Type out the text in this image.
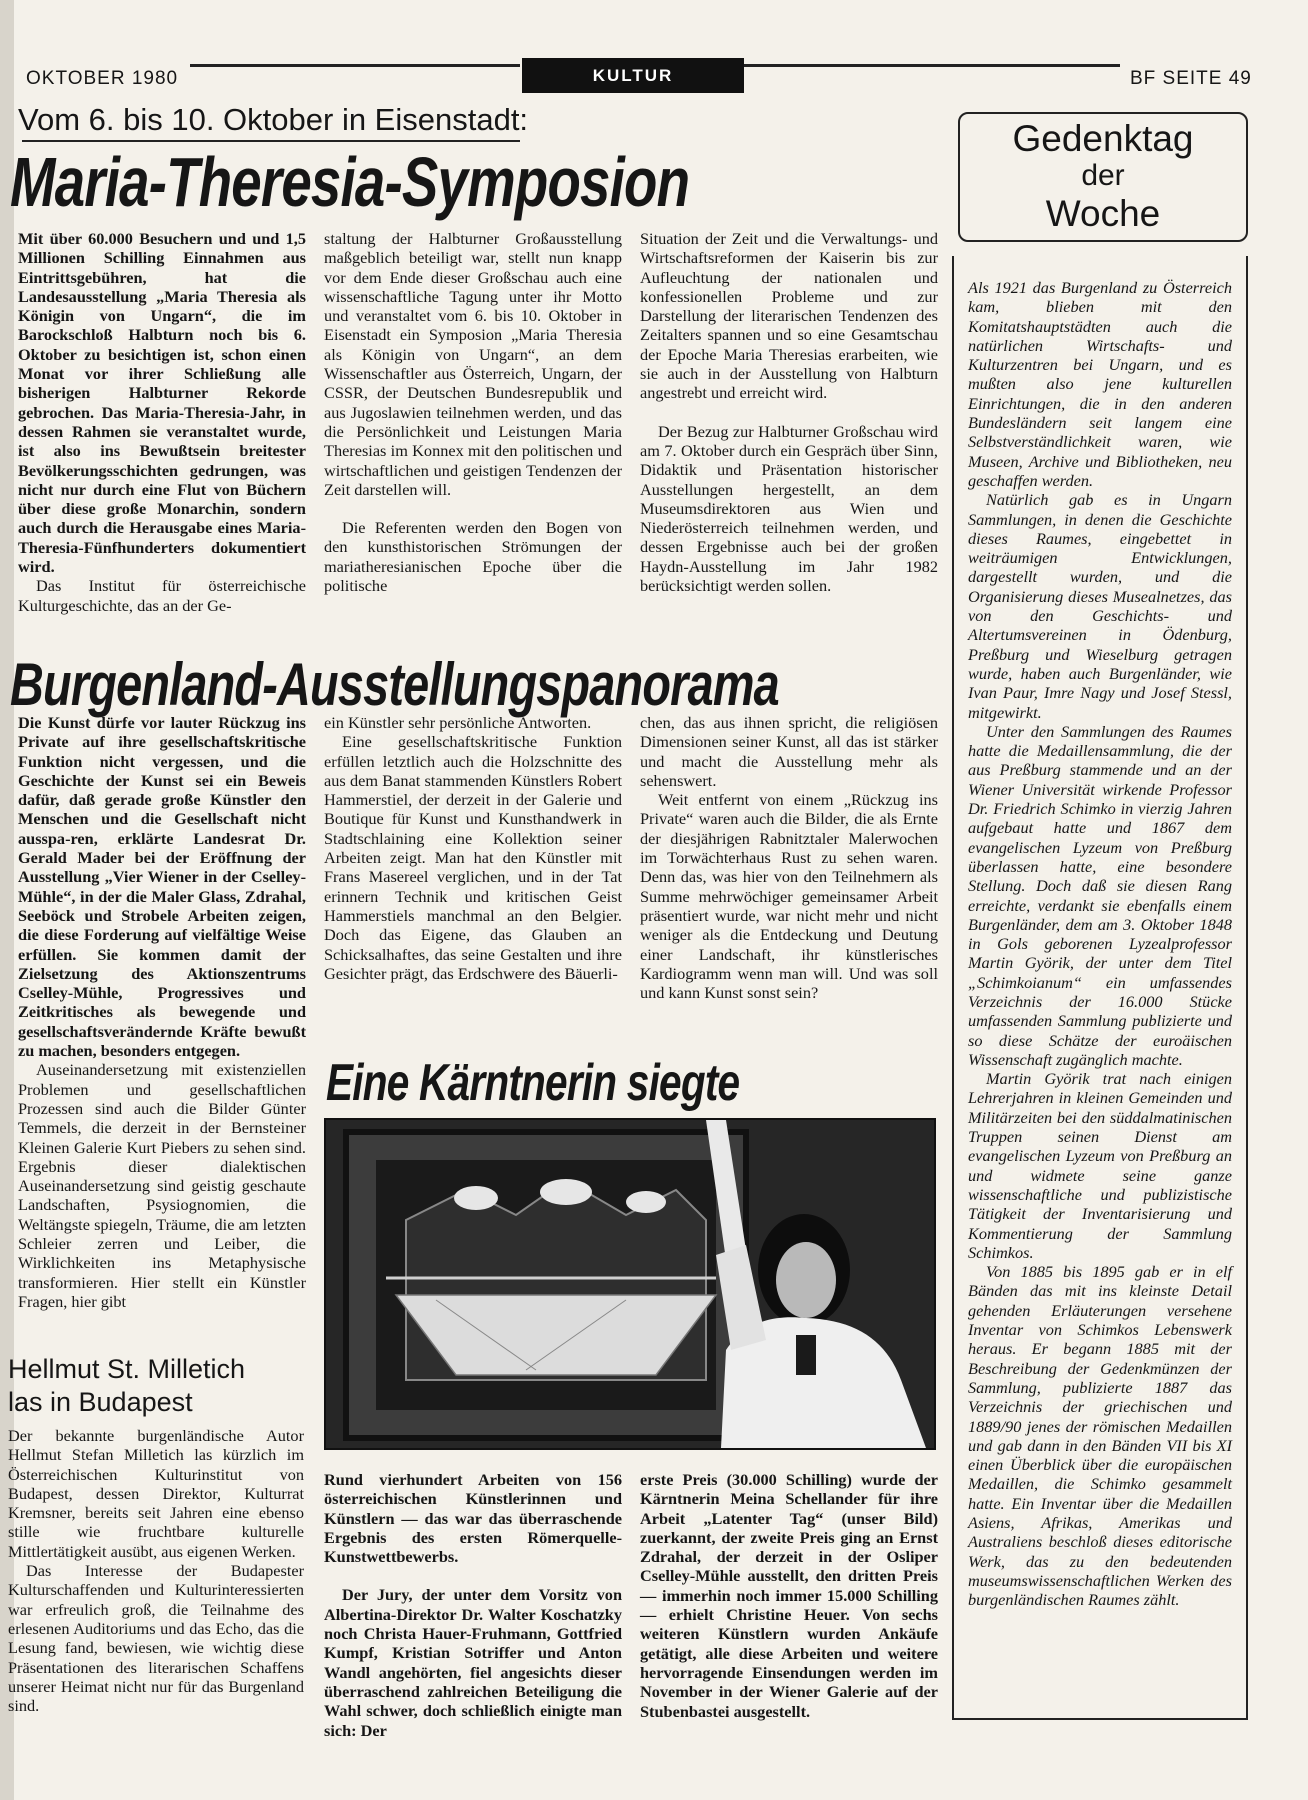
OKTOBER 1980	KULTUR	BF SEITE 49
Vom 6. bis 10. Oktober in Eisenstadt:
Maria-Theresia-Symposion

Mit über 60.000 Besuchern und und 1,5 Millionen Schilling Einnahmen aus Eintrittsgebühren, hat die Landesausstellung „Maria Theresia als Königin von Ungarn“, die im Barockschloß Halbturn noch bis 6. Oktober zu besichtigen ist, schon einen Monat vor ihrer Schließung alle bisherigen Halbturner Rekorde gebrochen. Das Maria-Theresia-Jahr, in dessen Rahmen sie veranstaltet wurde, ist also ins Bewußtsein breitester Bevölkerungsschichten gedrungen, was nicht nur durch eine Flut von Büchern über diese große Monarchin, sondern auch durch die Herausgabe eines Maria-Theresia-Fünfhunderters dokumentiert wird.

Das Institut für österreichische Kulturgeschichte, das an der Ge-

staltung der Halbturner Großausstellung maßgeblich beteiligt war, stellt nun knapp vor dem Ende dieser Großschau auch eine wissenschaftliche Tagung unter ihr Motto und veranstaltet vom 6. bis 10. Oktober in Eisenstadt ein Symposion „Maria Theresia als Königin von Ungarn“, an dem Wissenschaftler aus Österreich, Ungarn, der CSSR, der Deutschen Bundesrepublik und aus Jugoslawien teilnehmen werden, und das die Persönlichkeit und Leistungen Maria Theresias im Konnex mit den politischen und wirtschaftlichen und geistigen Tendenzen der Zeit darstellen will.

Die Referenten werden den Bogen von den kunsthistorischen Strömungen der mariatheresianischen Epoche über die politische

Situation der Zeit und die Verwaltungs- und Wirtschaftsreformen der Kaiserin bis zur Aufleuchtung der nationalen und konfessionellen Probleme und zur Darstellung der literarischen Tendenzen des Zeitalters spannen und so eine Gesamtschau der Epoche Maria Theresias erarbeiten, wie sie auch in der Ausstellung von Halbturn angestrebt und erreicht wird.

Der Bezug zur Halbturner Großschau wird am 7. Oktober durch ein Gespräch über Sinn, Didaktik und Präsentation historischer Ausstellungen hergestellt, an dem Museumsdirektoren aus Wien und Niederösterreich teilnehmen werden, und dessen Ergebnisse auch bei der großen Haydn-Ausstellung im Jahr 1982 berücksichtigt werden sollen.

Burgenland-Ausstellungspanorama

Die Kunst dürfe vor lauter Rückzug ins Private auf ihre gesellschaftskritische Funktion nicht vergessen, und die Geschichte der Kunst sei ein Beweis dafür, daß gerade große Künstler den Menschen und die Gesellschaft nicht ausspa-ren, erklärte Landesrat Dr. Gerald Mader bei der Eröffnung der Ausstellung „Vier Wiener in der Cselley-Mühle“, in der die Maler Glass, Zdrahal, Seeböck und Strobele Arbeiten zeigen, die diese Forderung auf vielfältige Weise erfüllen. Sie kommen damit der Zielsetzung des Aktionszentrums Cselley-Mühle, Progressives und Zeitkritisches als bewegende und gesellschaftsverändernde Kräfte bewußt zu machen, besonders entgegen.

Auseinandersetzung mit existenziellen Problemen und gesellschaftlichen Prozessen sind auch die Bilder Günter Temmels, die derzeit in der Bernsteiner Kleinen Galerie Kurt Piebers zu sehen sind. Ergebnis dieser dialektischen Auseinandersetzung sind geistig geschaute Landschaften, Psysiognomien, die Weltängste spiegeln, Träume, die am letzten Schleier zerren und Leiber, die Wirklichkeiten ins Metaphysische transformieren. Hier stellt ein Künstler Fragen, hier gibt

ein Künstler sehr persönliche Antworten.

Eine gesellschaftskritische Funktion erfüllen letztlich auch die Holzschnitte des aus dem Banat stammenden Künstlers Robert Hammerstiel, der derzeit in der Galerie und Boutique für Kunst und Kunsthandwerk in Stadtschlaining eine Kollektion seiner Arbeiten zeigt. Man hat den Künstler mit Frans Masereel verglichen, und in der Tat erinnern Technik und kritischen Geist Hammerstiels manchmal an den Belgier. Doch das Eigene, das Glauben an Schicksalhaftes, das seine Gestalten und ihre Gesichter prägt, das Erdschwere des Bäuerli-

chen, das aus ihnen spricht, die religiösen Dimensionen seiner Kunst, all das ist stärker und macht die Ausstellung mehr als sehenswert.

Weit entfernt von einem „Rückzug ins Private“ waren auch die Bilder, die als Ernte der diesjährigen Rabnitztaler Malerwochen im Torwächterhaus Rust zu sehen waren. Denn das, was hier von den Teilnehmern als Summe mehrwöchiger gemeinsamer Arbeit präsentiert wurde, war nicht mehr und nicht weniger als die Entdeckung und Deutung einer Landschaft, ihr künstlerisches Kardiogramm wenn man will. Und was soll und kann Kunst sonst sein?

Hellmut St. Milletich
las in Budapest

Der bekannte burgenländische Autor Hellmut Stefan Milletich las kürzlich im Österreichischen Kulturinstitut von Budapest, dessen Direktor, Kulturrat Kremsner, bereits seit Jahren eine ebenso stille wie fruchtbare kulturelle Mittlertätigkeit ausübt, aus eigenen Werken.

Das Interesse der Budapester Kulturschaffenden und Kulturinteressierten war erfreulich groß, die Teilnahme des erlesenen Auditoriums und das Echo, das die Lesung fand, bewiesen, wie wichtig diese Präsentationen des literarischen Schaffens unserer Heimat nicht nur für das Burgenland sind.

Eine Kärntnerin siegte

Rund vierhundert Arbeiten von 156 österreichischen Künstlerinnen und Künstlern — das war das überraschende Ergebnis des ersten Römerquelle-Kunstwettbewerbs.

Der Jury, der unter dem Vorsitz von Albertina-Direktor Dr. Walter Koschatzky noch Christa Hauer-Fruhmann, Gottfried Kumpf, Kristian Sotriffer und Anton Wandl angehörten, fiel angesichts dieser überraschend zahlreichen Beteiligung die Wahl schwer, doch schließlich einigte man sich: Der

erste Preis (30.000 Schilling) wurde der Kärntnerin Meina Schellander für ihre Arbeit „Latenter Tag“ (unser Bild) zuerkannt, der zweite Preis ging an Ernst Zdrahal, der derzeit in der Osliper Cselley-Mühle ausstellt, den dritten Preis — immerhin noch immer 15.000 Schilling — erhielt Christine Heuer. Von sechs weiteren Künstlern wurden Ankäufe getätigt, alle diese Arbeiten und weitere hervorragende Einsendungen werden im November in der Wiener Galerie auf der Stubenbastei ausgestellt.

Gedenktag
der
Woche

Als 1921 das Burgenland zu Österreich kam, blieben mit den Komitatshauptstädten auch die natürlichen Wirtschafts- und Kulturzentren bei Ungarn, und es mußten also jene kulturellen Einrichtungen, die in den anderen Bundesländern seit langem eine Selbstverständlichkeit waren, wie Museen, Archive und Bibliotheken, neu geschaffen werden.

Natürlich gab es in Ungarn Sammlungen, in denen die Geschichte dieses Raumes, eingebettet in weiträumigen Entwicklungen, dargestellt wurden, und die Organisierung dieses Musealnetzes, das von den Geschichts- und Altertumsvereinen in Ödenburg, Preßburg und Wieselburg getragen wurde, haben auch Burgenländer, wie Ivan Paur, Imre Nagy und Josef Stessl, mitgewirkt.

Unter den Sammlungen des Raumes hatte die Medaillensammlung, die der aus Preßburg stammende und an der Wiener Universität wirkende Professor Dr. Friedrich Schimko in vierzig Jahren aufgebaut hatte und 1867 dem evangelischen Lyzeum von Preßburg überlassen hatte, eine besondere Stellung. Doch daß sie diesen Rang erreichte, verdankt sie ebenfalls einem Burgenländer, dem am 3. Oktober 1848 in Gols geborenen Lyzealprofessor Martin Györik, der unter dem Titel „Schimkoianum“ ein umfassendes Verzeichnis der 16.000 Stücke umfassenden Sammlung publizierte und so diese Schätze der euroäischen Wissenschaft zugänglich machte.

Martin Györik trat nach einigen Lehrerjahren in kleinen Gemeinden und Militärzeiten bei den süddalmatinischen Truppen seinen Dienst am evangelischen Lyzeum von Preßburg an und widmete seine ganze wissenschaftliche und publizistische Tätigkeit der Inventarisierung und Kommentierung der Sammlung Schimkos.

Von 1885 bis 1895 gab er in elf Bänden das mit ins kleinste Detail gehenden Erläuterungen versehene Inventar von Schimkos Lebenswerk heraus. Er begann 1885 mit der Beschreibung der Gedenkmünzen der Sammlung, publizierte 1887 das Verzeichnis der griechischen und 1889/90 jenes der römischen Medaillen und gab dann in den Bänden VII bis XI einen Überblick über die europäischen Medaillen, die Schimko gesammelt hatte. Ein Inventar über die Medaillen Asiens, Afrikas, Amerikas und Australiens beschloß dieses editorische Werk, das zu den bedeutenden museumswissenschaftlichen Werken des burgenländischen Raumes zählt.
